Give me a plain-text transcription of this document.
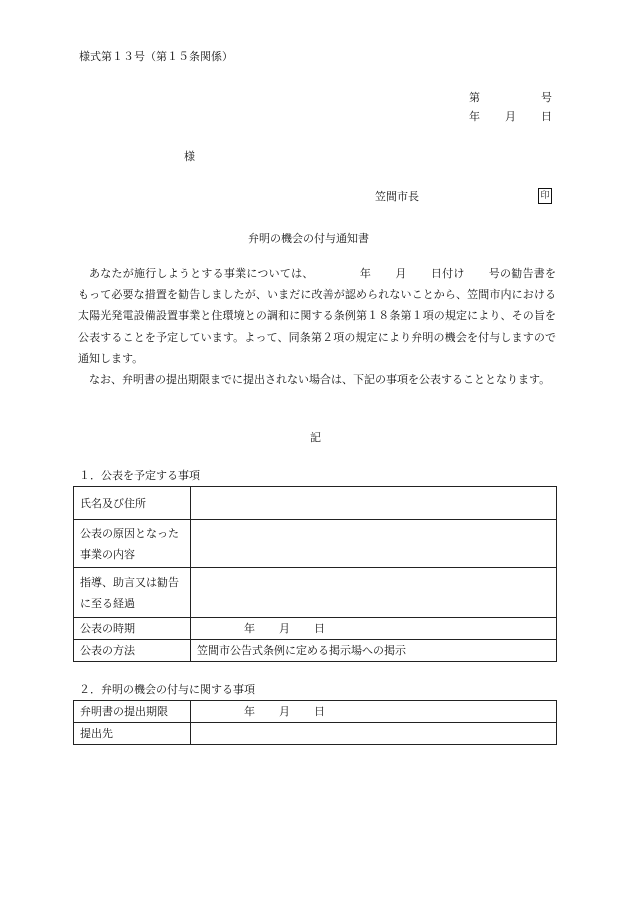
様式第１３号（第１５条関係）
第	号
年 月 日
様
笠間市長	印
弁明の機会の付与通知書

あなたが施行しようとする事業については、	年 月 日付け 号の勧告書をもって必要な措置を勧告しましたが、いまだに改善が認められないことから、笠間市内における太陽光発電設備設置事業と住環境との調和に関する条例第１８条第１項の規定により、その旨を公表することを予定しています。よって、同条第２項の規定により弁明の機会を付与しますので通知します。

なお、弁明書の提出期限までに提出されない場合は、下記の事項を公表することとなります。

記
１．公表を予定する事項
氏名及び住所	
公表の原因となった事業の内容	
指導、助言又は勧告に至る経過	
公表の時期	年 月 日
公表の方法	笠間市公告式条例に定める掲示場への掲示
２．弁明の機会の付与に関する事項
弁明書の提出期限	年 月 日
提出先	
